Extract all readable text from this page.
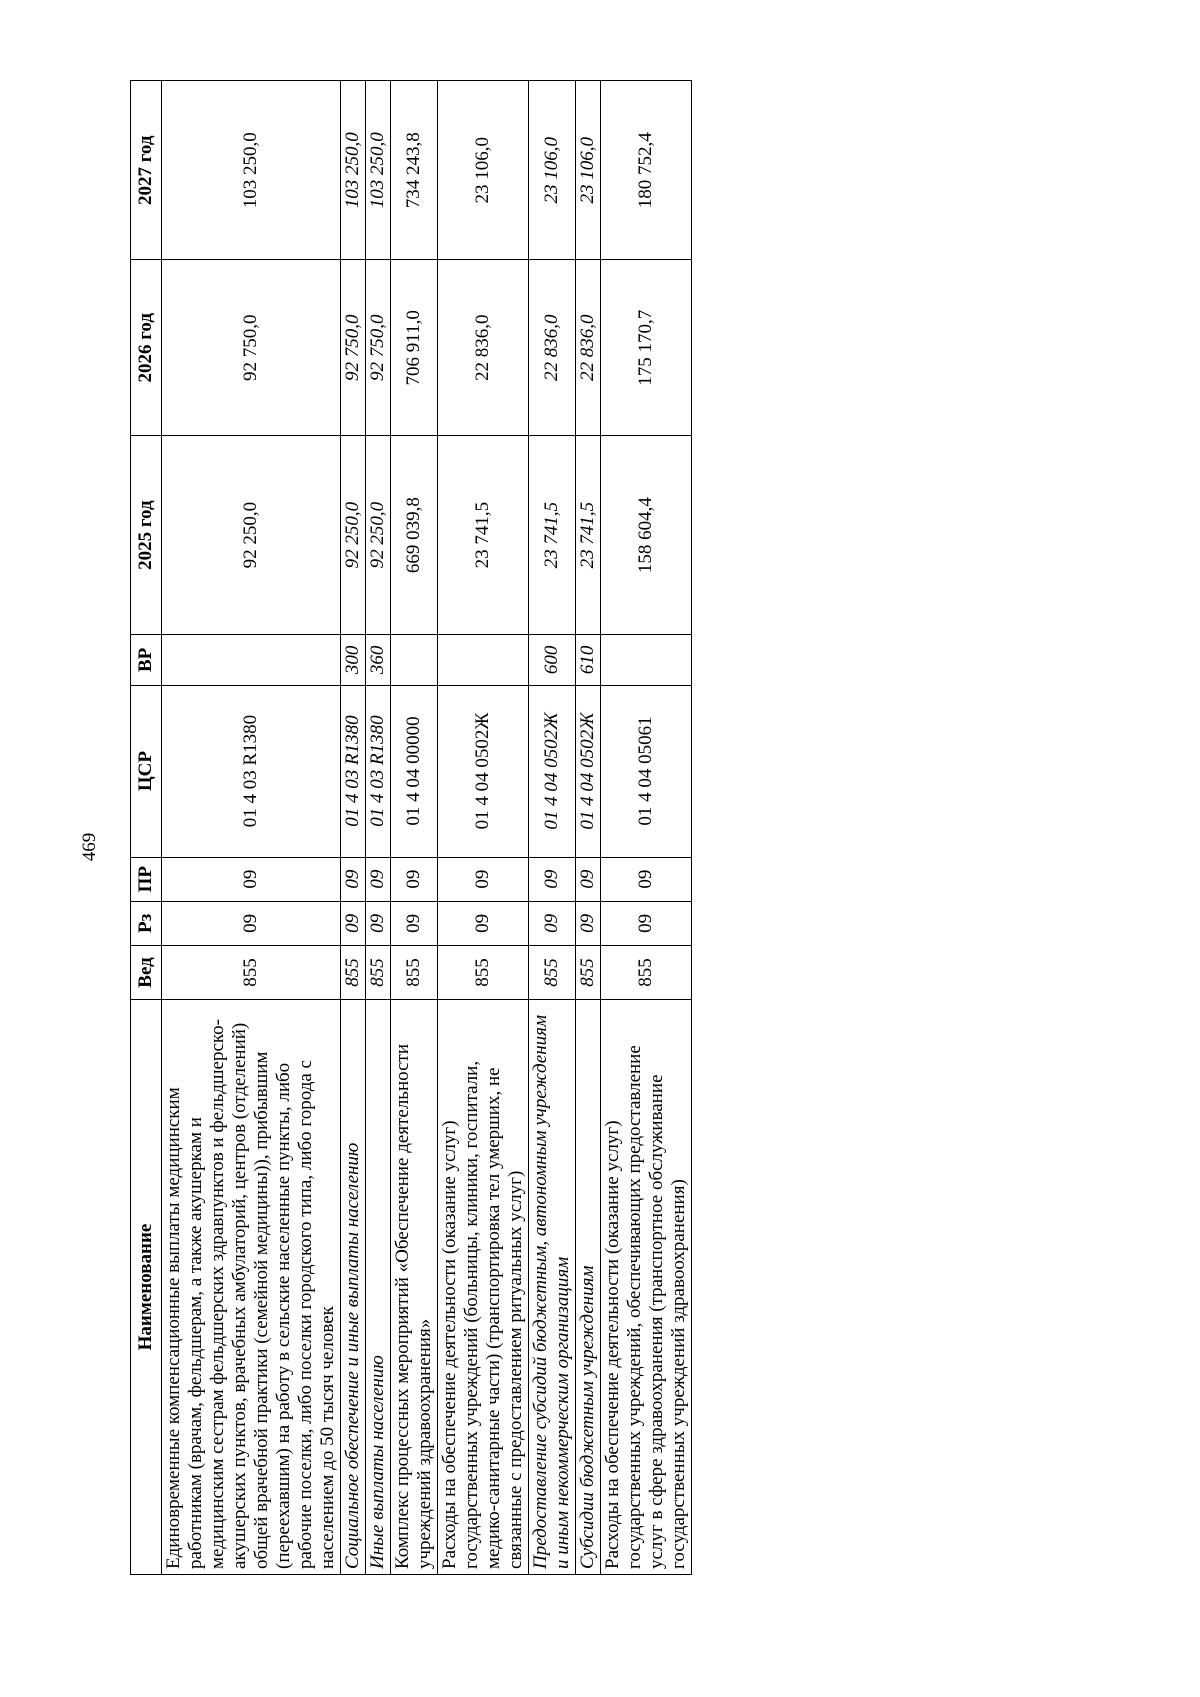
469
Наименование	Вед	Рз	ПР	ЦСР	ВР	2025 год	2026 год	2027 год
Единовременные компенсационные выплаты медицинским работникам (врачам, фельдшерам, а также акушеркам и медицинским сестрам фельдшерских здравпунктов и фельдшерско-акушерских пунктов, врачебных амбулаторий, центров (отделений) общей врачебной практики (семейной медицины)), прибывшим (переехавшим) на работу в сельские населенные пункты, либо рабочие поселки, либо поселки городского типа, либо города с населением до 50 тысяч человек	855	09	09	01 4 03 R1380		92 250,0	92 750,0	103 250,0
Социальное обеспечение и иные выплаты населению	855	09	09	01 4 03 R1380	300	92 250,0	92 750,0	103 250,0
Иные выплаты населению	855	09	09	01 4 03 R1380	360	92 250,0	92 750,0	103 250,0
Комплекс процессных мероприятий «Обеспечение деятельности учреждений здравоохранения»	855	09	09	01 4 04 00000		669 039,8	706 911,0	734 243,8
Расходы на обеспечение деятельности (оказание услуг) государственных учреждений (больницы, клиники, госпитали, медико-санитарные части) (транспортировка тел умерших, не связанные с предоставлением ритуальных услуг)	855	09	09	01 4 04 0502Ж		23 741,5	22 836,0	23 106,0
Предоставление субсидий бюджетным, автономным учреждениям и иным некоммерческим организациям	855	09	09	01 4 04 0502Ж	600	23 741,5	22 836,0	23 106,0
Субсидии бюджетным учреждениям	855	09	09	01 4 04 0502Ж	610	23 741,5	22 836,0	23 106,0
Расходы на обеспечение деятельности (оказание услуг) государственных учреждений, обеспечивающих предоставление услуг в сфере здравоохранения (транспортное обслуживание государственных учреждений здравоохранения)	855	09	09	01 4 04 05061		158 604,4	175 170,7	180 752,4
